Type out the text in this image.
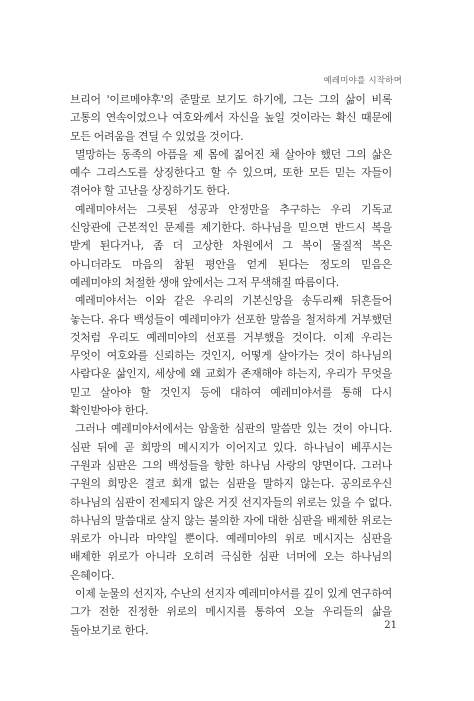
예레미야를 시작하며

브리어 '이르메야후'의 준말로 보기도 하기에, 그는 그의 삶이 비록 고통의 연속이었으나 여호와께서 자신을 높일 것이라는 확신 때문에 모든 어려움을 견딜 수 있었을 것이다.

멸망하는 동족의 아픔을 제 몸에 짊어진 채 살아야 했던 그의 삶은 예수 그리스도를 상징한다고 할 수 있으며, 또한 모든 믿는 자들이 겪어야 할 고난을 상징하기도 한다.

예레미야서는 그릇된 성공과 안정만을 추구하는 우리 기독교 신앙관에 근본적인 문제를 제기한다. 하나님을 믿으면 반드시 복을 받게 된다거나, 좀 더 고상한 차원에서 그 복이 물질적 복은 아니더라도 마음의 참된 평안을 얻게 된다는 정도의 믿음은 예레미야의 처절한 생애 앞에서는 그저 무색해질 따름이다.

예레미야서는 이와 같은 우리의 기본신앙을 송두리째 뒤흔들어 놓는다. 유다 백성들이 예레미야가 선포한 말씀을 철저하게 거부했던 것처럼 우리도 예레미야의 선포를 거부했을 것이다. 이제 우리는 무엇이 여호와를 신뢰하는 것인지, 어떻게 살아가는 것이 하나님의 사람다운 삶인지, 세상에 왜 교회가 존재해야 하는지, 우리가 무엇을 믿고 살아야 할 것인지 등에 대하여 예레미야서를 통해 다시 확인받아야 한다.

그러나 예레미야서에서는 암울한 심판의 말씀만 있는 것이 아니다. 심판 뒤에 곧 희망의 메시지가 이어지고 있다. 하나님이 베푸시는 구원과 심판은 그의 백성들을 향한 하나님 사랑의 양면이다. 그러나 구원의 희망은 결코 회개 없는 심판을 말하지 않는다. 공의로우신 하나님의 심판이 전제되지 않은 거짓 선지자들의 위로는 있을 수 없다. 하나님의 말씀대로 살지 않는 불의한 자에 대한 심판을 배제한 위로는 위로가 아니라 마약일 뿐이다. 예레미야의 위로 메시지는 심판을 배제한 위로가 아니라 오히려 극심한 심판 너머에 오는 하나님의 은혜이다.

이제 눈물의 선지자, 수난의 선지자 예레미야서를 깊이 있게 연구하여 그가 전한 진정한 위로의 메시지를 통하여 오늘 우리들의 삶을 돌아보기로 한다.	21
